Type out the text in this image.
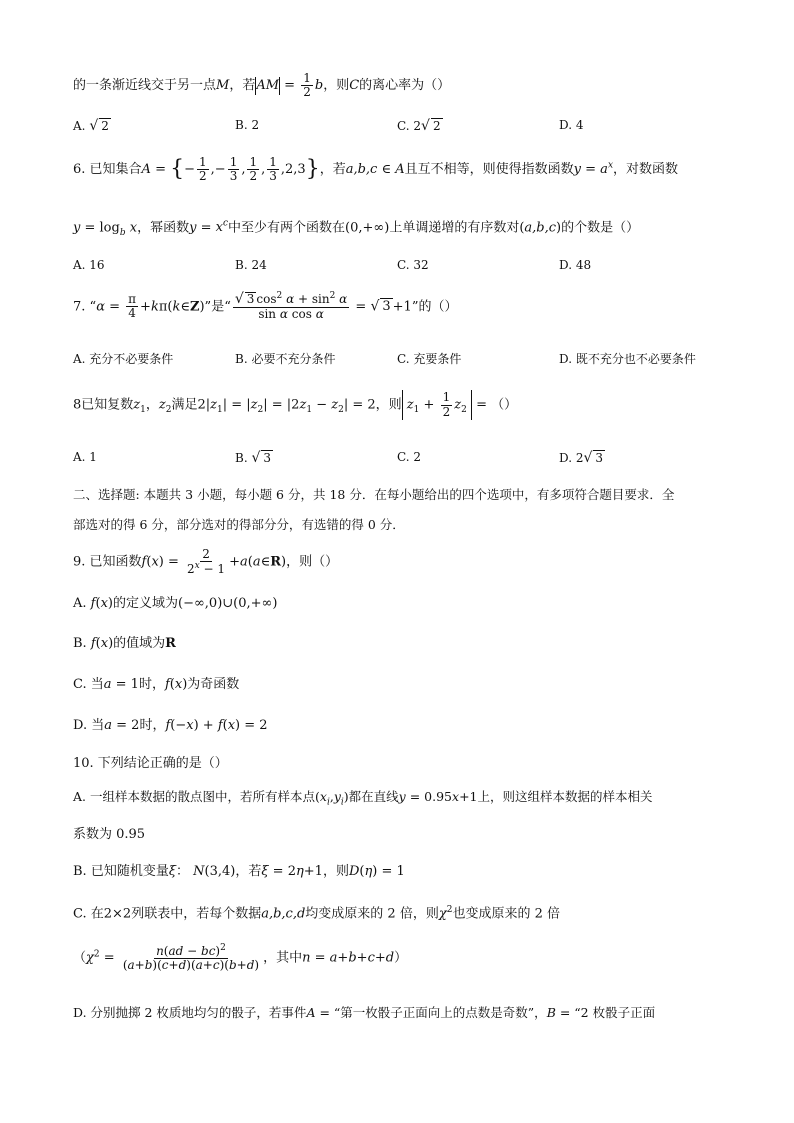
的一条渐近线交于另一点M，若AM = $\frac{1}{2}$ b，则C的离心率为（）
A. √ 2	B. 2	C. 2√ 2	D. 4
6. 已知集合A = {− $\frac{1}{2}$ ,− $\frac{1}{3}$ , $\frac{1}{2}$ , $\frac{1}{3} ,2,3$}，若a,b,c ∈ A且互不相等，则使得指数函数$y = a^x$，对数函数
$y = \log_b x$，幂函数$y = x^c$中至少有两个函数在(0,+∞)上单调递增的有序数对(a,b,c)的个数是（）
A. 16	B. 24	C. 32	D. 48
7. “$\alpha = \frac{\pi}{4}$ +kπ(k∈Z)”是“ $\frac{√ 3 \cos^2 \alpha + \sin^2 \alpha}{\text{sin α cos α}}$ = √ 3 +1”的（）
A. 充分不必要条件	B. 必要不充分条件	C. 充要条件	D. 既不充分也不必要条件
8已知复数$z_1$，$z_2$满足$2|z_1| = |z_2| = |2z_1 - z_2| = 2$，则 $z_1 + \frac{1}{2} z_2$  = （）
A. 1	B. √ 3	C. 2	D. 2√ 3
二、选择题: 本题共 3 小题，每小题 6 分，共 18 分．在每小题给出的四个选项中，有多项符合题目要求．全
部选对的得 6 分，部分选对的得部分分，有选错的得 0 分．
9. 已知函数$f(x) = \frac{2}{2^x - 1}$ +a(a∈R)，则（）
A. f(x)的定义域为(−∞,0)∪(0,+∞)
B. f(x)的值域为R
C. 当a = 1时，f(x)为奇函数
D. 当a = 2时，f(−x) + f(x) = 2
10. 下列结论正确的是（）
A. 一组样本数据的散点图中，若所有样本点$(x_i,y_i)$都在直线y = 0.95x+1上，则这组样本数据的样本相关
系数为 0.95
B. 已知随机变量ξ： N(3,4)，若ξ = 2η+1，则D(η) = 1
C. 在2×2列联表中，若每个数据a,b,c,d均变成原来的 2 倍，则$\chi^2$也变成原来的 2 倍
（$\chi^2 = \frac{n(ad - bc)^2}{(a+b)(c+d)(a+c)(b+d)}$ ，其中n = a+b+c+d）
D. 分别抛掷 2 枚质地均匀的骰子，若事件A = “第一枚骰子正面向上的点数是奇数”，B = “2 枚骰子正面
